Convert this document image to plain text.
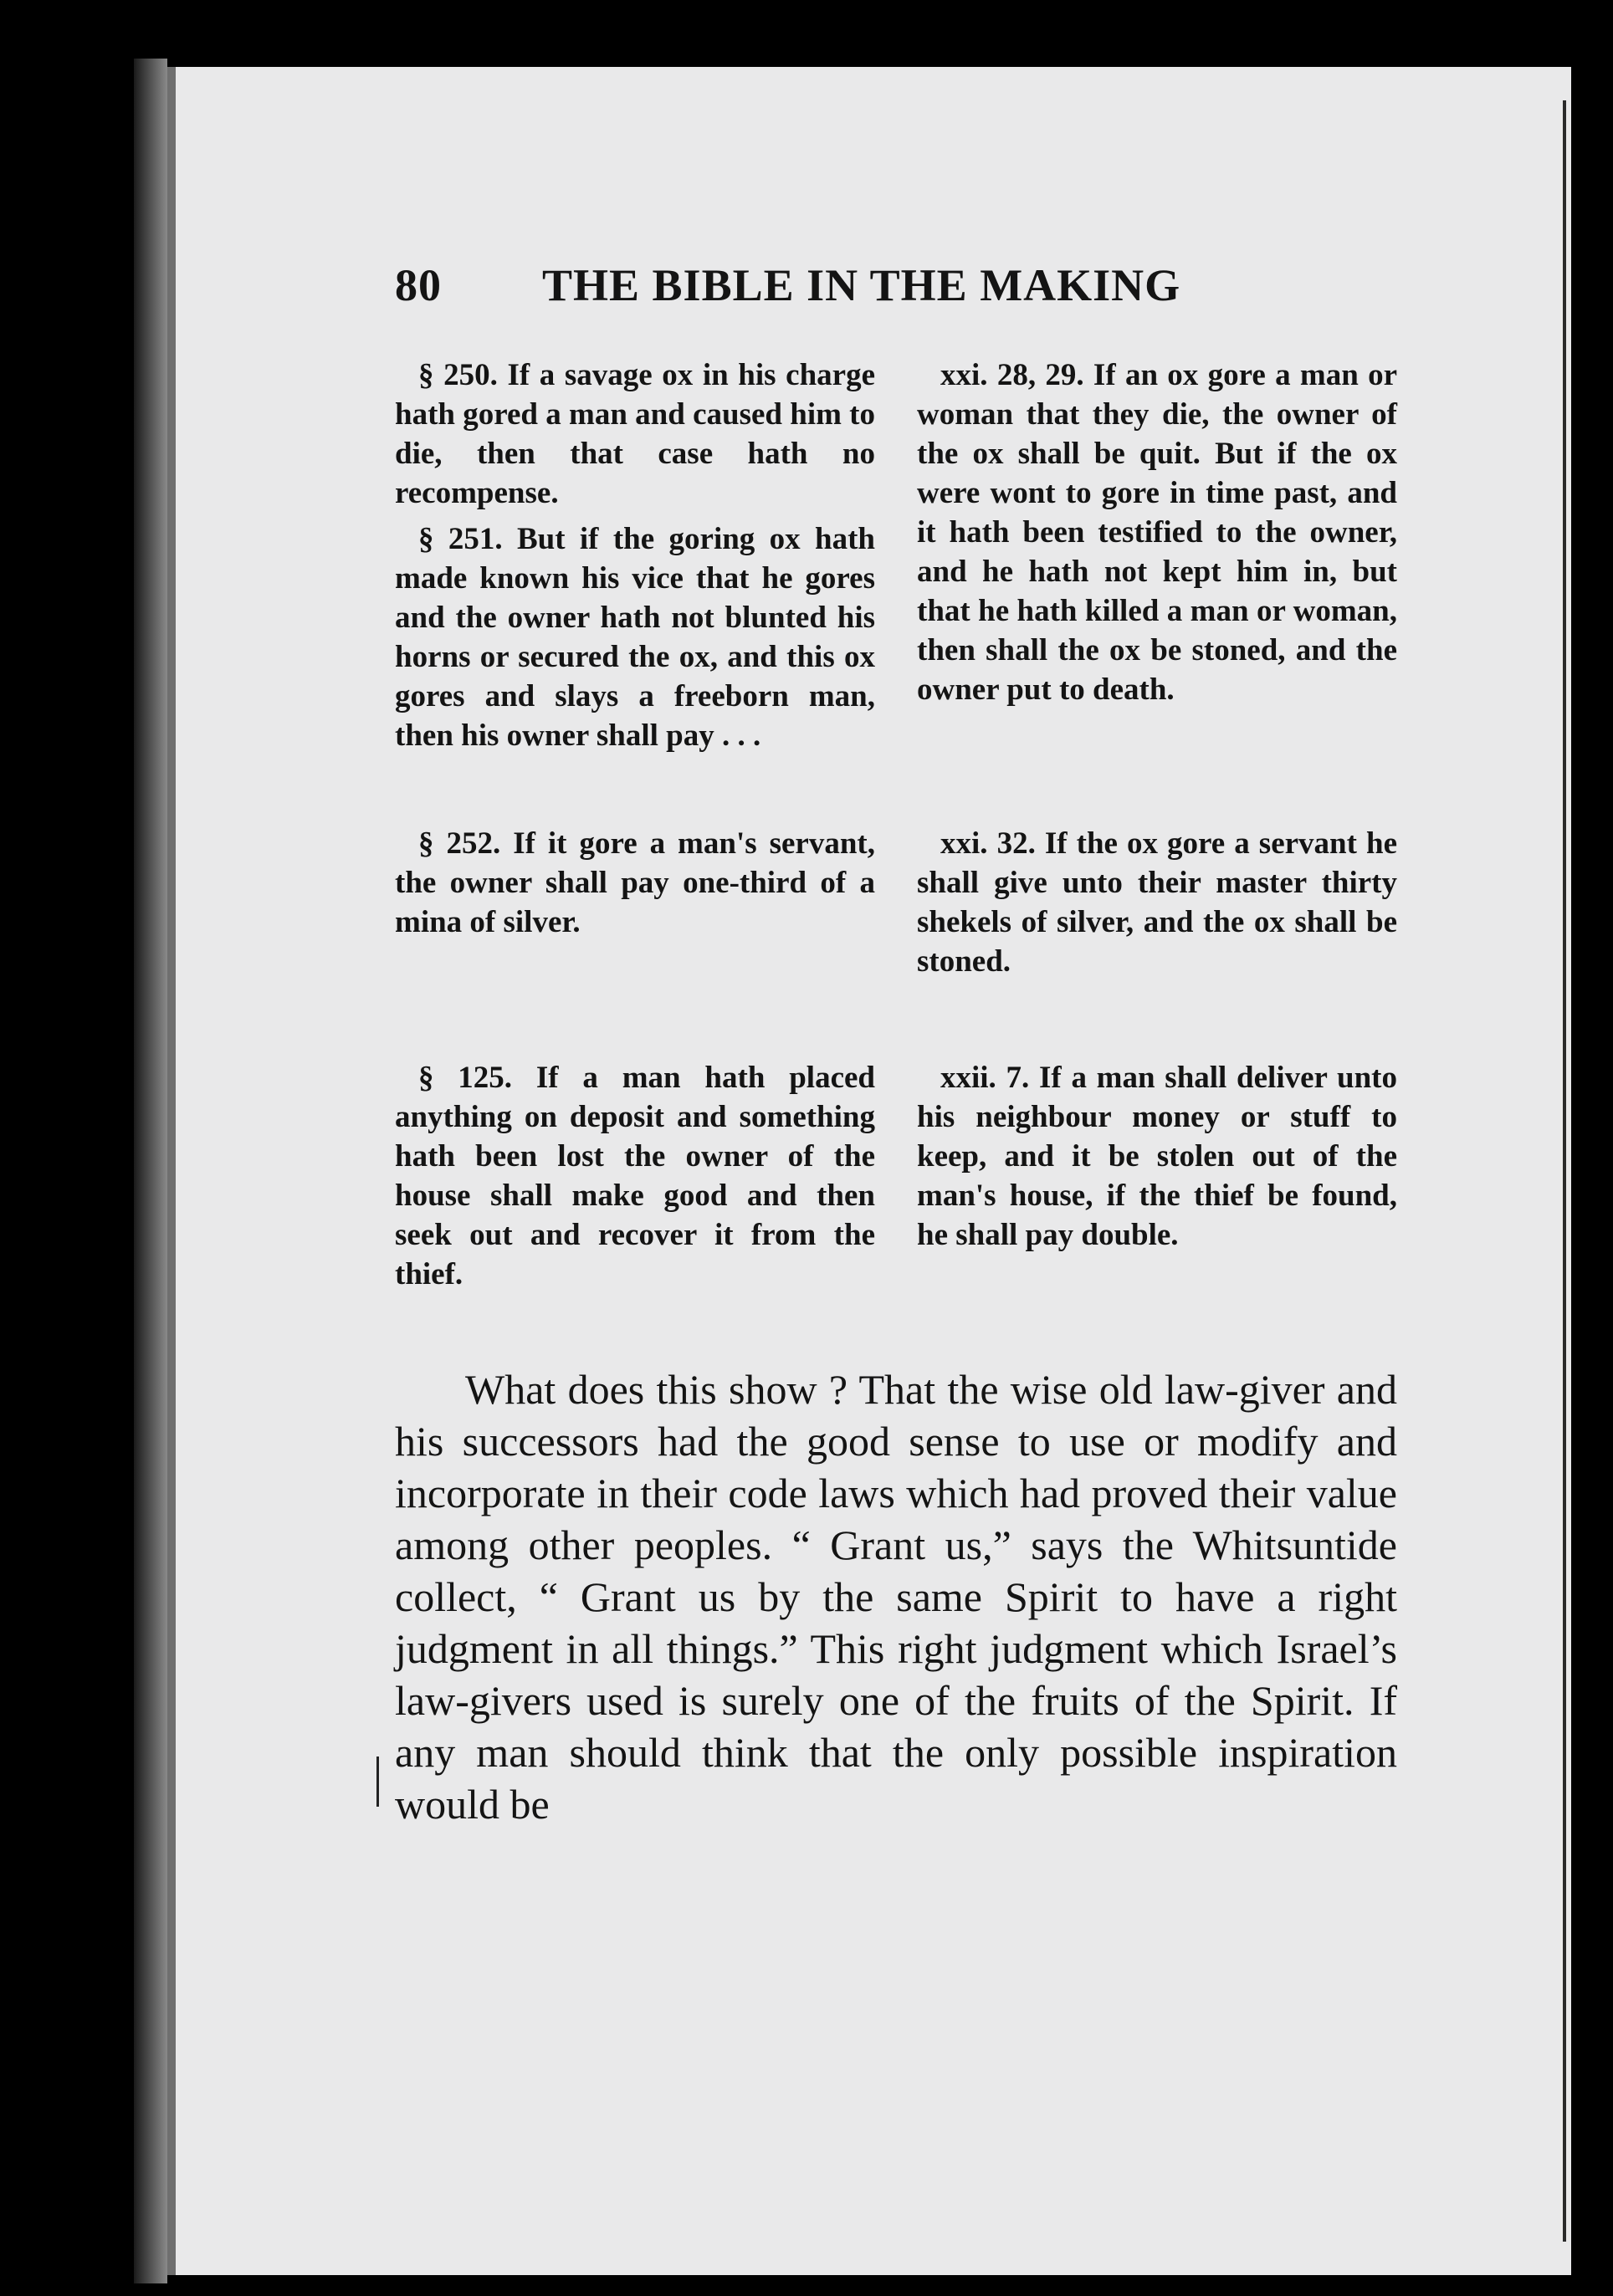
80 THE BIBLE IN THE MAKING

§ 250. If a savage ox in his charge hath gored a man and caused him to die, then that case hath no recompense.

§ 251. But if the goring ox hath made known his vice that he gores and the owner hath not blunted his horns or secured the ox, and this ox gores and slays a freeborn man, then his owner shall pay . . .

xxi. 28, 29. If an ox gore a man or woman that they die, the owner of the ox shall be quit. But if the ox were wont to gore in time past, and it hath been testified to the owner, and he hath not kept him in, but that he hath killed a man or woman, then shall the ox be stoned, and the owner put to death.

§ 252. If it gore a man's servant, the owner shall pay one-third of a mina of silver.

xxi. 32. If the ox gore a servant he shall give unto their master thirty shekels of silver, and the ox shall be stoned.

§ 125. If a man hath placed anything on deposit and something hath been lost the owner of the house shall make good and then seek out and recover it from the thief.

xxii. 7. If a man shall deliver unto his neighbour money or stuff to keep, and it be stolen out of the man's house, if the thief be found, he shall pay double.

What does this show ? That the wise old law-giver and his successors had the good sense to use or modify and incorporate in their code laws which had proved their value among other peoples. “ Grant us,” says the Whitsuntide collect, “ Grant us by the same Spirit to have a right judgment in all things.” This right judgment which Israel’s law-givers used is surely one of the fruits of the Spirit. If any man should think that the only possible inspiration would be
